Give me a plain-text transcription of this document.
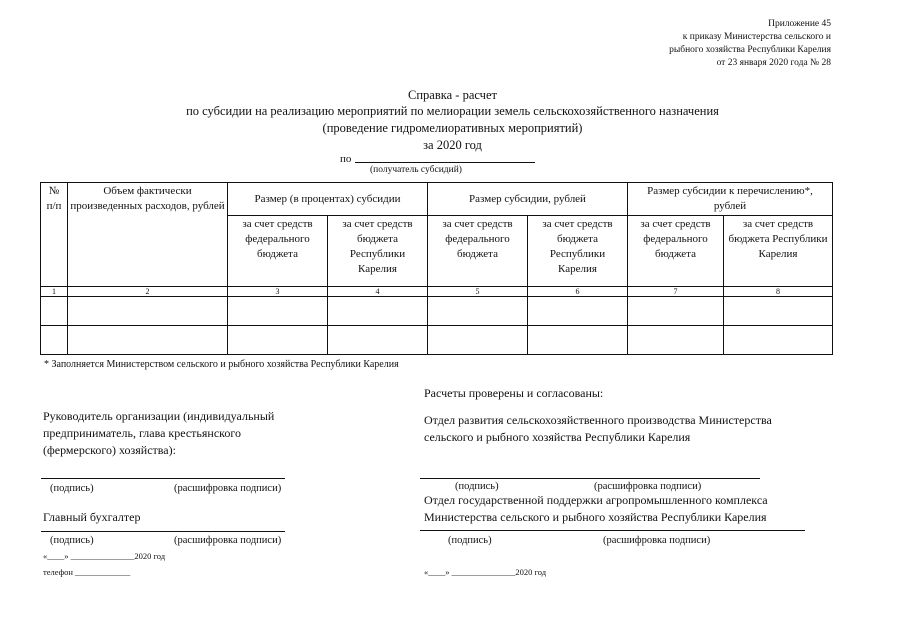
Приложение 45
к приказу Министерства сельского и
рыбного хозяйства Республики Карелия
от 23 января 2020 года № 28
Справка - расчет
по субсидии на реализацию мероприятий по мелиорации земель сельскохозяйственного назначения
(проведение гидромелиоративных мероприятий)
за 2020 год
по
(получатель субсидий)
№ п/п	Объем фактически произведенных расходов, рублей	Размер (в процентах) субсидии		Размер субсидии, рублей		Размер субсидии к перечислению*, рублей	
		за счет средств федерального бюджета	за счет средств бюджета Республики Карелия	за счет средств федерального бюджета	за счет средств бюджета Республики Карелия	за счет средств федерального бюджета	за счет средств бюджета Республики Карелия
1	2	3	4	5	6	7	8

* Заполняется Министерством сельского и рыбного хозяйства Республики Карелия
Расчеты проверены и согласованы:
Руководитель организации (индивидуальный
предприниматель, глава крестьянского
(фермерского) хозяйства):
(подпись)	(расшифровка подписи)
Главный бухгалтер
(подпись)	(расшифровка подписи)
«____» _______________2020 год
телефон _____________
Отдел развития сельскохозяйственного производства Министерства
сельского и рыбного хозяйства Республики Карелия
(подпись)	(расшифровка подписи)
Отдел государственной поддержки агропромышленного комплекса
Министерства сельского и рыбного хозяйства Республики Карелия
(подпись)	(расшифровка подписи)
«____» _______________2020 год
